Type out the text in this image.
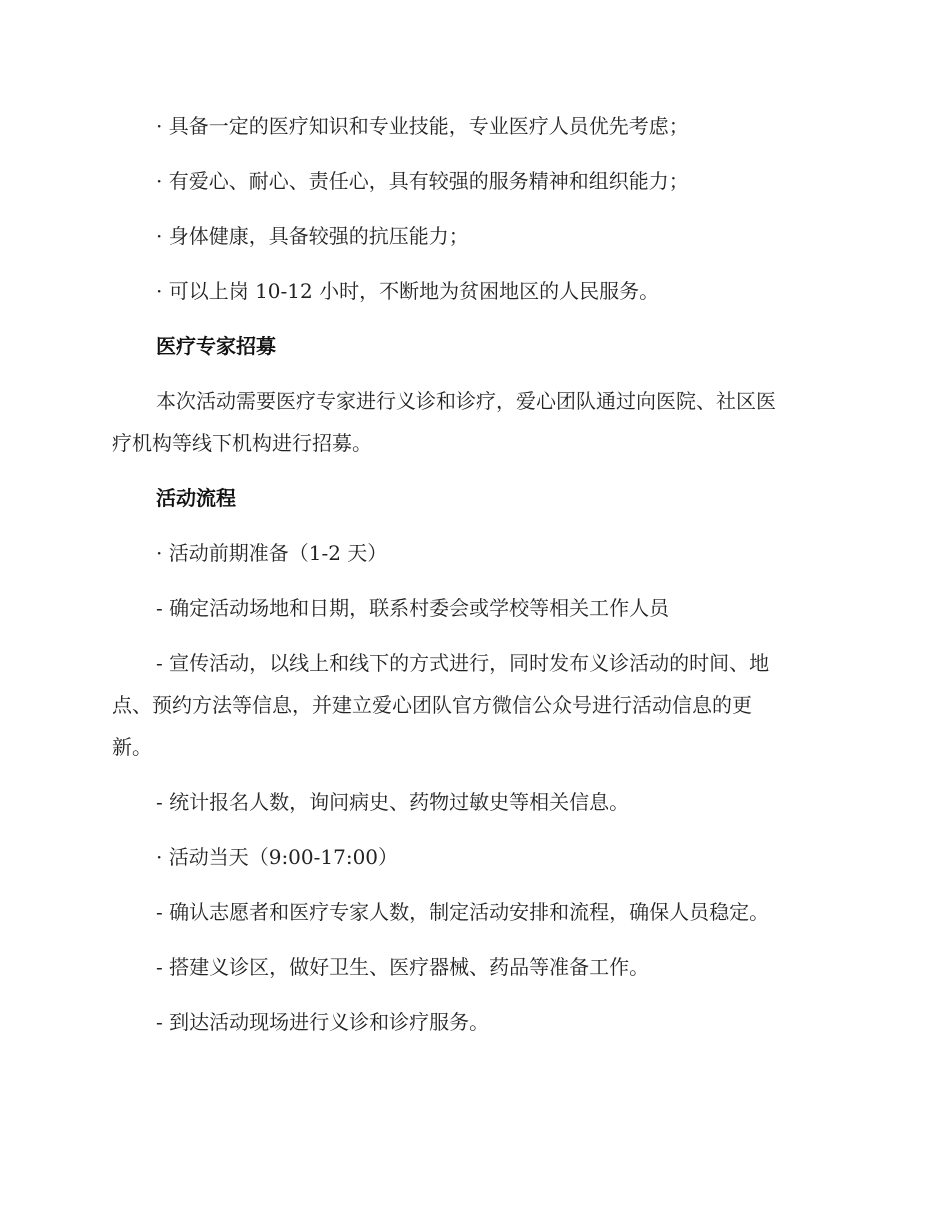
· 具备一定的医疗知识和专业技能，专业医疗人员优先考虑；

· 有爱心、耐心、责任心，具有较强的服务精神和组织能力；

· 身体健康，具备较强的抗压能力；

· 可以上岗 10-12 小时，不断地为贫困地区的人民服务。

医疗专家招募

本次活动需要医疗专家进行义诊和诊疗，爱心团队通过向医院、社区医

疗机构等线下机构进行招募。

活动流程

· 活动前期准备（1-2 天）

- 确定活动场地和日期，联系村委会或学校等相关工作人员

- 宣传活动，以线上和线下的方式进行，同时发布义诊活动的时间、地

点、预约方法等信息，并建立爱心团队官方微信公众号进行活动信息的更

新。

- 统计报名人数，询问病史、药物过敏史等相关信息。

· 活动当天（9:00-17:00）

- 确认志愿者和医疗专家人数，制定活动安排和流程，确保人员稳定。

- 搭建义诊区，做好卫生、医疗器械、药品等准备工作。

- 到达活动现场进行义诊和诊疗服务。
